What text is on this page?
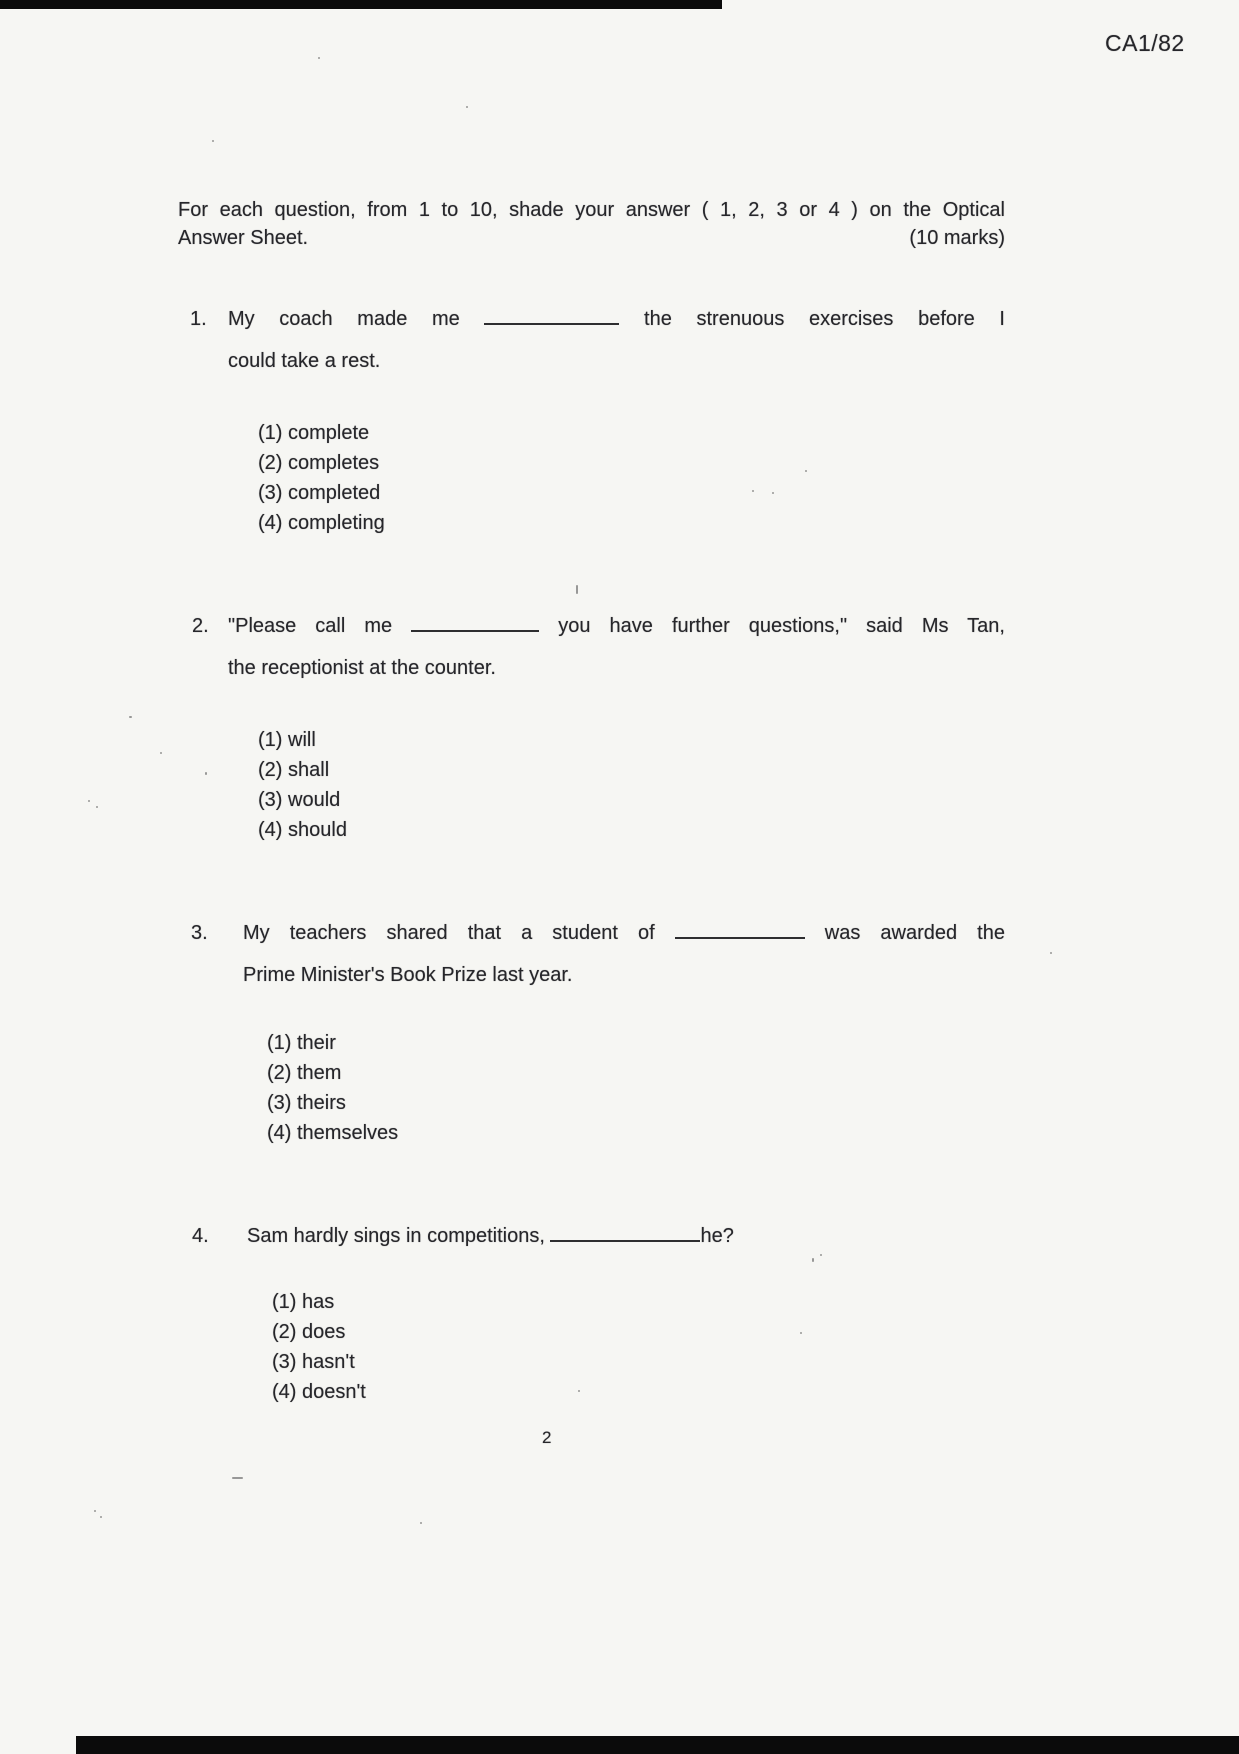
CA1/82
For each question, from 1 to 10, shade your answer ( 1, 2, 3 or 4 ) on the Optical
Answer Sheet.	(10 marks)
1. My coach made me	the strenuous exercises before I
could take a rest.
(1) complete
(2) completes
(3) completed
(4) completing
2. "Please call me	you have further questions," said Ms Tan,
the receptionist at the counter.
(1) will
(2) shall
(3) would
(4) should
3. My teachers shared that a student of	was awarded the
Prime Minister's Book Prize last year.
(1) their
(2) them
(3) theirs
(4) themselves
4. Sam hardly sings in competitions,	he?
(1) has
(2) does
(3) hasn't
(4) doesn't
2
